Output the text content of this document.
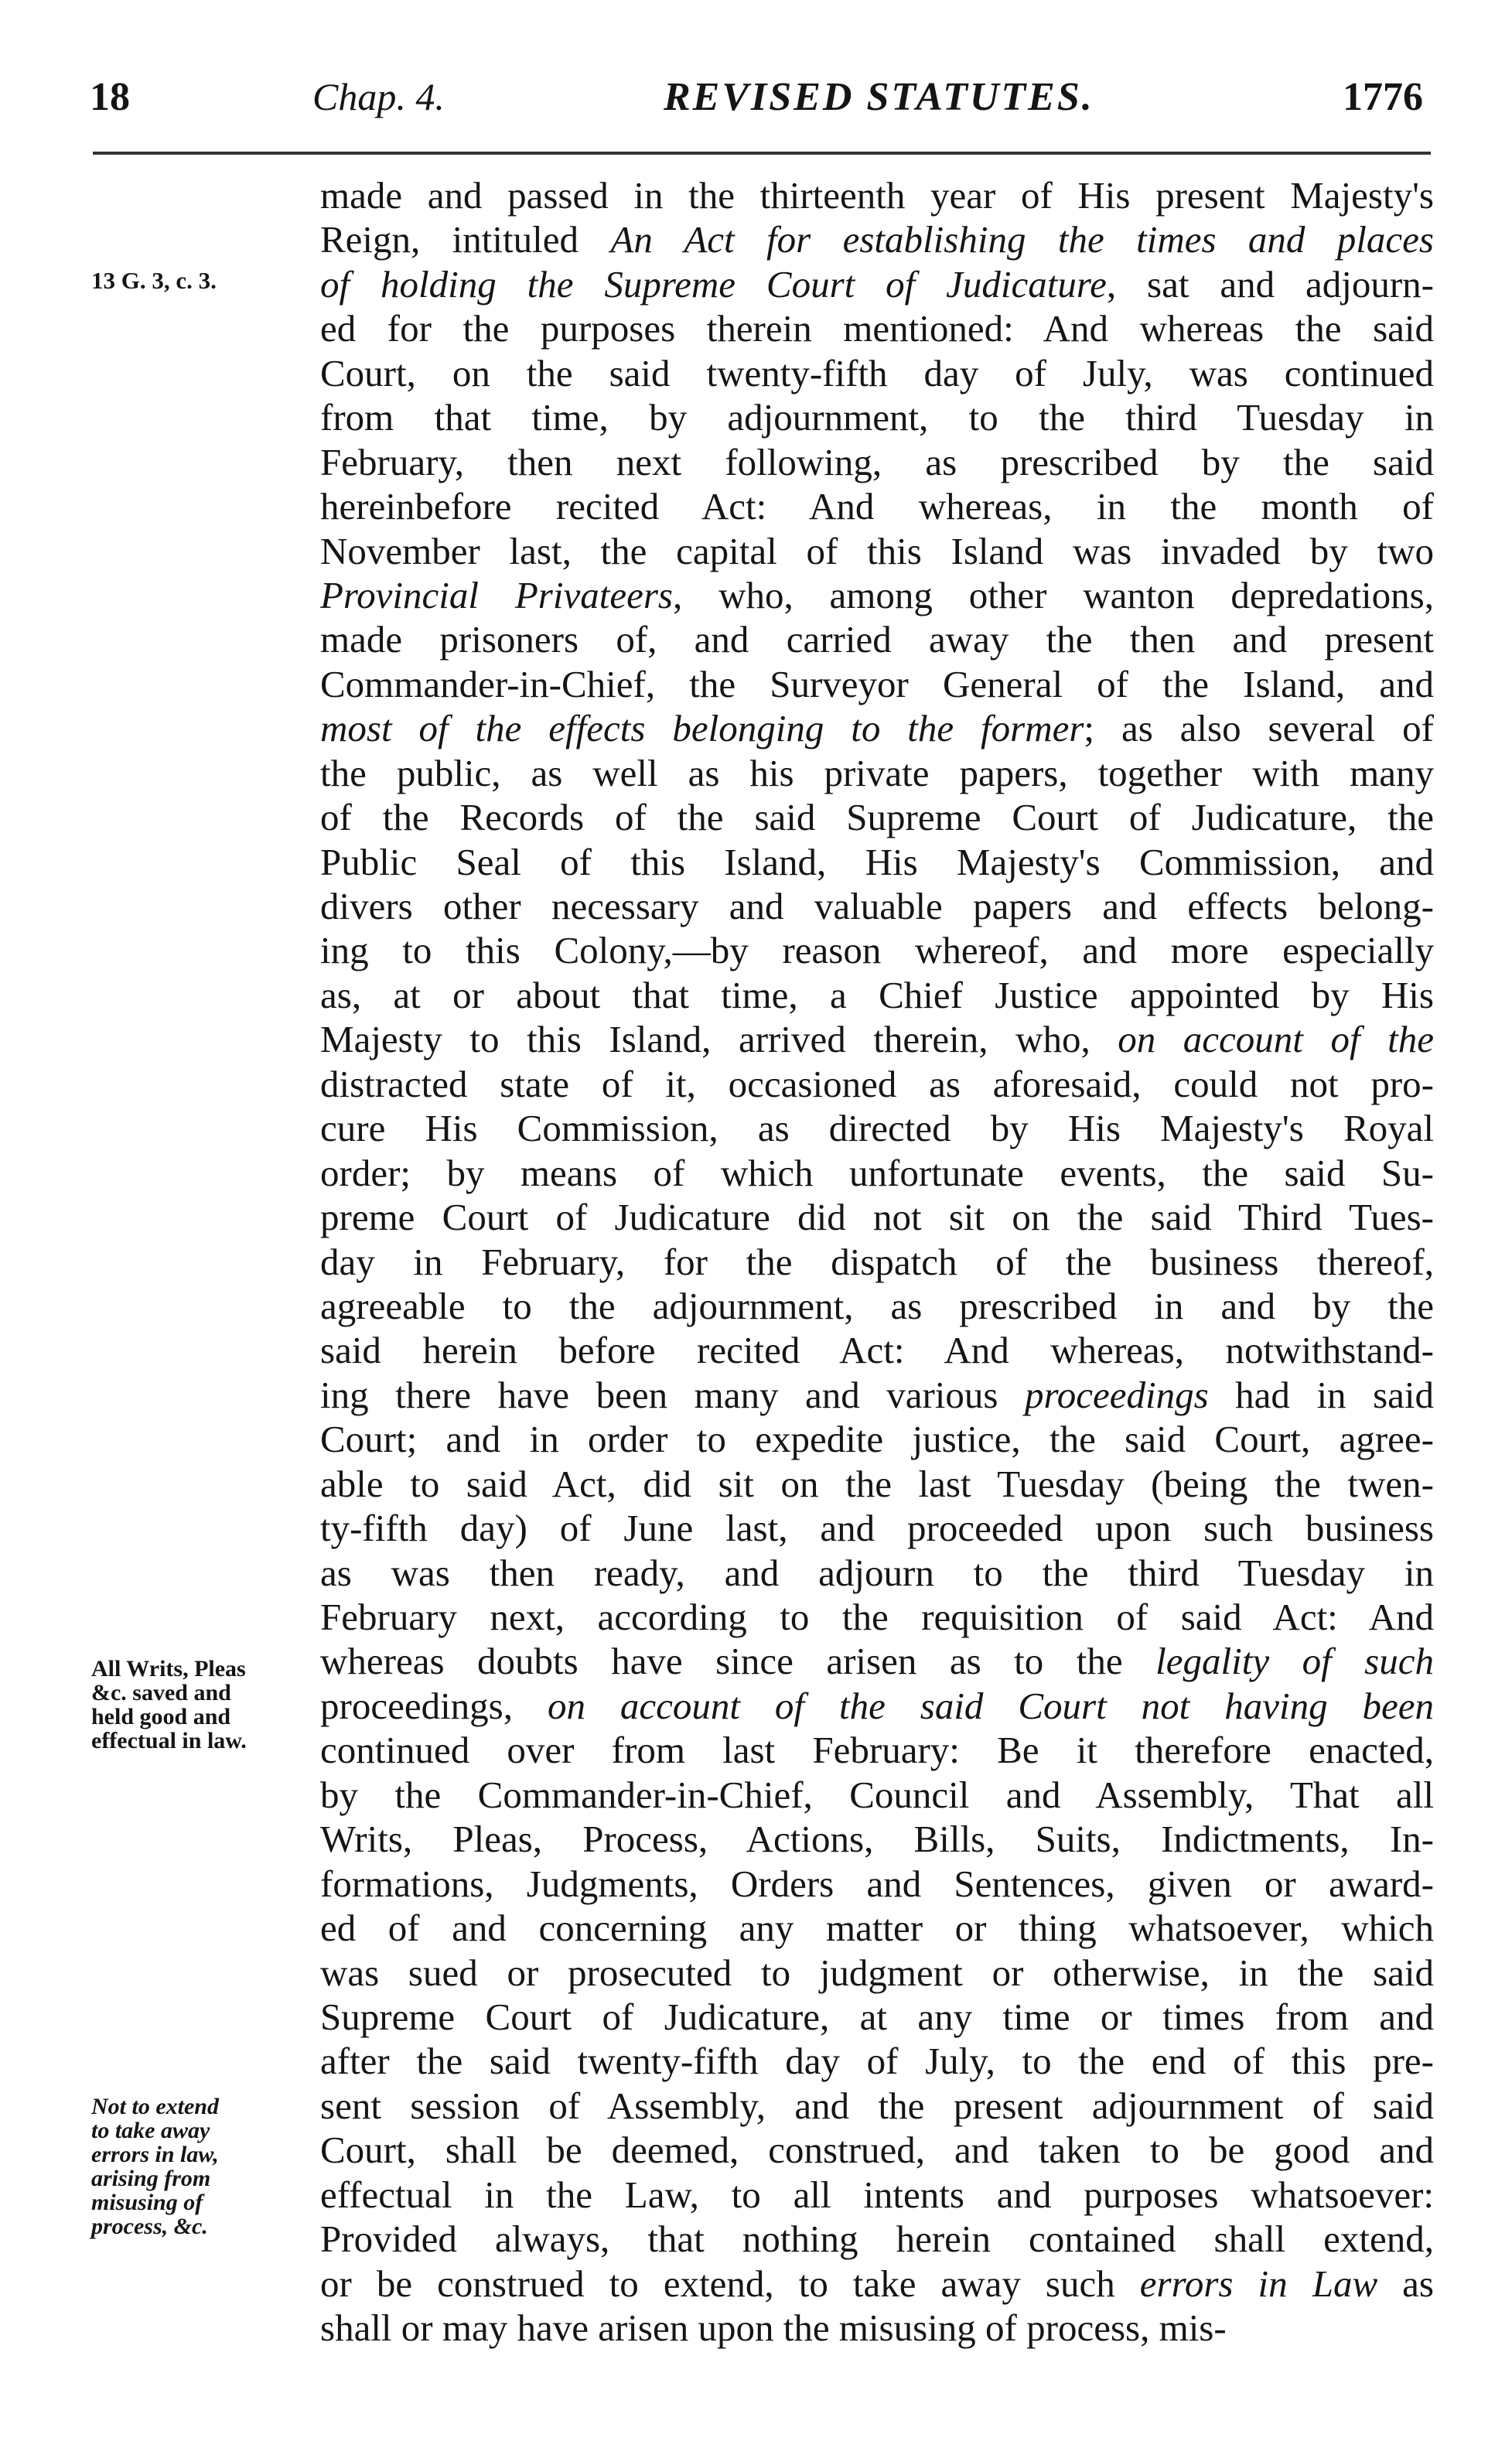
18	Chap. 4.	REVISED STATUTES.	1776
13 G. 3, c. 3.
All Writs, Pleas
&c. saved and
held good and
effectual in law.
Not to extend
to take away
errors in law,
arising from
misusing of
process, &c.
made and passed in the thirteenth year of His present Majesty's
Reign, intituled An Act for establishing the times and places
of holding the Supreme Court of Judicature, sat and adjourn-
ed for the purposes therein mentioned: And whereas the said
Court, on the said twenty-fifth day of July, was continued
from that time, by adjournment, to the third Tuesday in
February, then next following, as prescribed by the said
hereinbefore recited Act: And whereas, in the month of
November last, the capital of this Island was invaded by two
Provincial Privateers, who, among other wanton depredations,
made prisoners of, and carried away the then and present
Commander-in-Chief, the Surveyor General of the Island, and
most of the effects belonging to the former; as also several of
the public, as well as his private papers, together with many
of the Records of the said Supreme Court of Judicature, the
Public Seal of this Island, His Majesty's Commission, and
divers other necessary and valuable papers and effects belong-
ing to this Colony,—by reason whereof, and more especially
as, at or about that time, a Chief Justice appointed by His
Majesty to this Island, arrived therein, who, on account of the
distracted state of it, occasioned as aforesaid, could not pro-
cure His Commission, as directed by His Majesty's Royal
order; by means of which unfortunate events, the said Su-
preme Court of Judicature did not sit on the said Third Tues-
day in February, for the dispatch of the business thereof,
agreeable to the adjournment, as prescribed in and by the
said herein before recited Act: And whereas, notwithstand-
ing there have been many and various proceedings had in said
Court; and in order to expedite justice, the said Court, agree-
able to said Act, did sit on the last Tuesday (being the twen-
ty-fifth day) of June last, and proceeded upon such business
as was then ready, and adjourn to the third Tuesday in
February next, according to the requisition of said Act: And
whereas doubts have since arisen as to the legality of such
proceedings, on account of the said Court not having been
continued over from last February: Be it therefore enacted,
by the Commander-in-Chief, Council and Assembly, That all
Writs, Pleas, Process, Actions, Bills, Suits, Indictments, In-
formations, Judgments, Orders and Sentences, given or award-
ed of and concerning any matter or thing whatsoever, which
was sued or prosecuted to judgment or otherwise, in the said
Supreme Court of Judicature, at any time or times from and
after the said twenty-fifth day of July, to the end of this pre-
sent session of Assembly, and the present adjournment of said
Court, shall be deemed, construed, and taken to be good and
effectual in the Law, to all intents and purposes whatsoever:
Provided always, that nothing herein contained shall extend,
or be construed to extend, to take away such errors in Law as
shall or may have arisen upon the misusing of process, mis-
